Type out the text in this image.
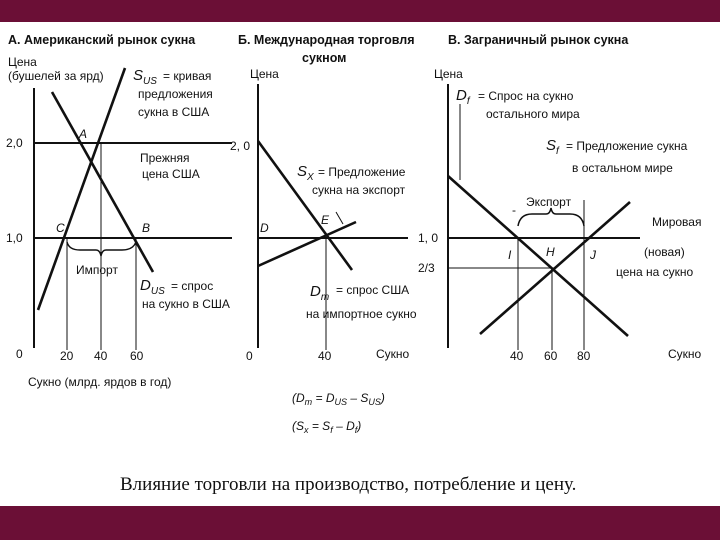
А. Американский рынок сукна
Цена
(бушелей за ярд)
Импорт
A
C	B
$S_{US}$ = кривая
предложения
сукна в США
Прежняя
цена США
$D_{US}$ = спрос
на сукно в США
2,0
1,0
0	20 40 60
Сукно (млрд. ярдов в год)
Б. Международная торговля
сукном
Цена
2, 0
D
E
$S_X$ = Предложение
сукна на экспорт
$D_m$
= спрос США
на импортное сукно
0	40	Сукно
$(D_m = D_{US} - S_{US})$
$(S_x = S_f - D_f)$
1, 0
2/3
В. Заграничный рынок сукна
Цена
Экспорт
-
I	H	J
$D_f$ = Спрос на сукно
остального мира
$S_f$ = Предложение сукна
в остальном мире
Мировая
(новая)
цена на сукно
40 60 80	Сукно
Влияние торговли на производство, потребление и цену.
